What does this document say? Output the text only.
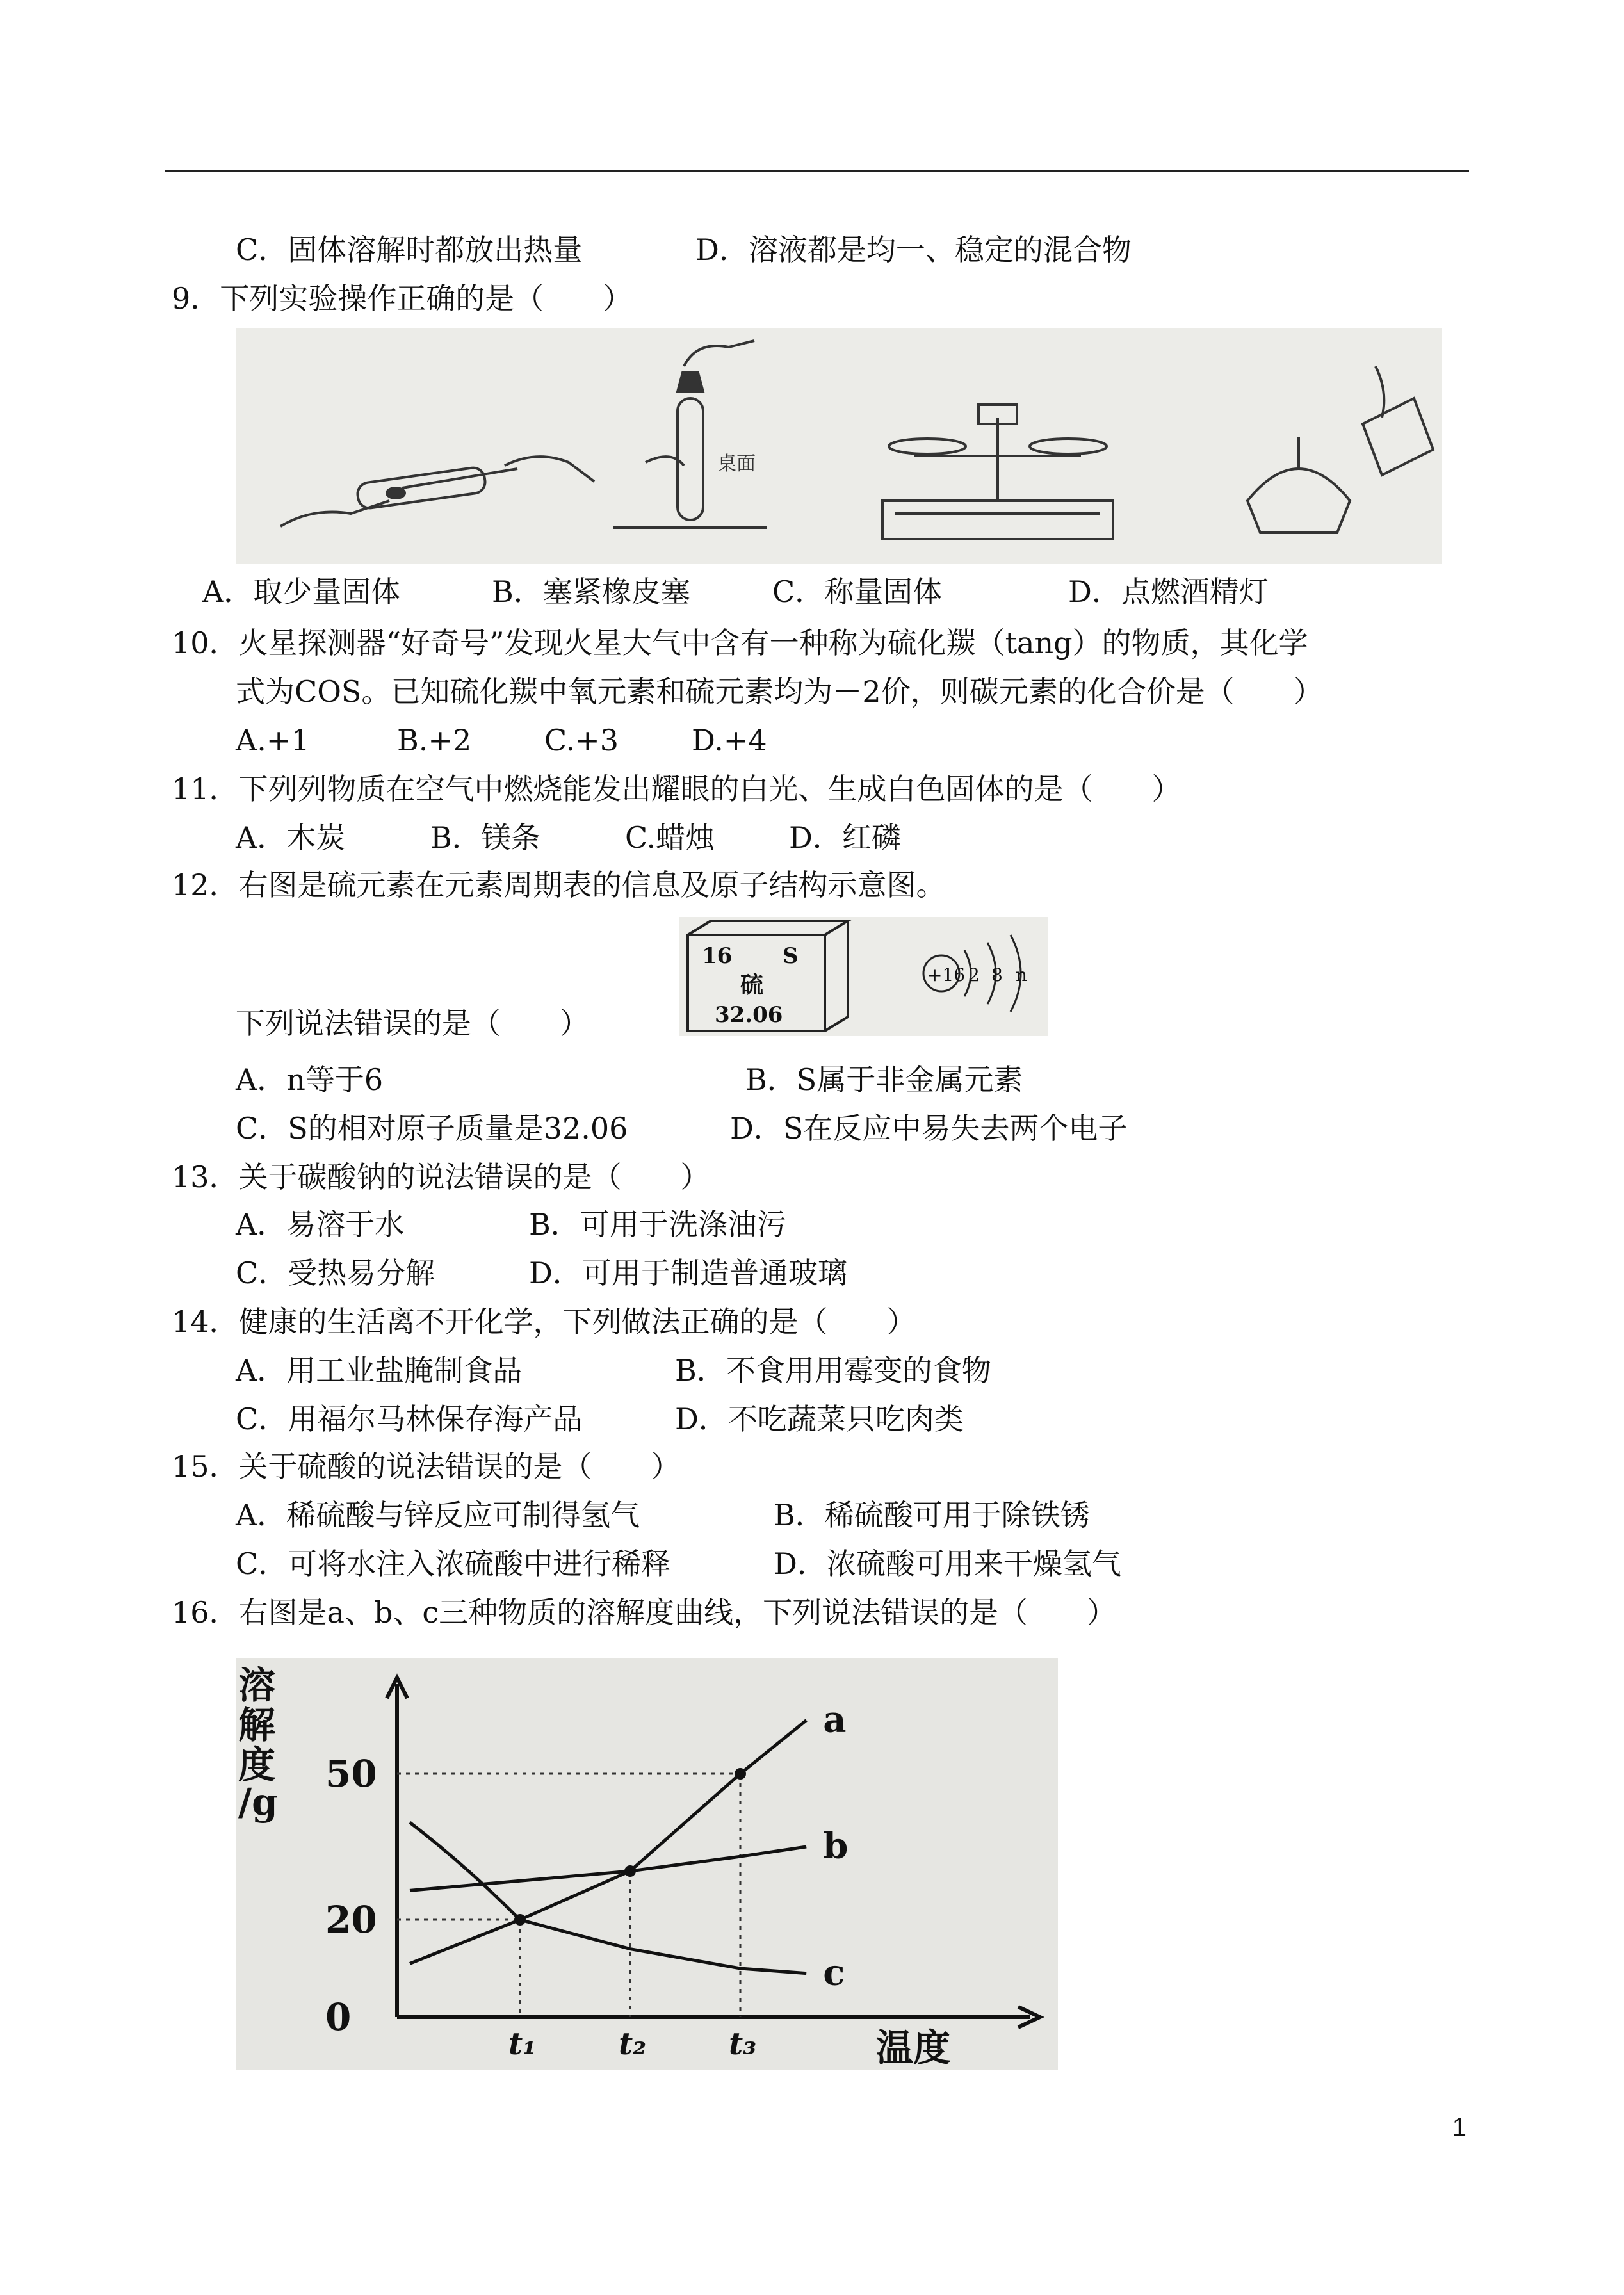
C．固体溶解时都放出热量	D．溶液都是均一、稳定的混合物
9．下列实验操作正确的是（　　）
桌面
A．取少量固体	B．塞紧橡皮塞	C．称量固体	D．点燃酒精灯
10．火星探测器“好奇号”发现火星大气中含有一种称为硫化羰（tang）的物质，其化学
式为COS。已知硫化羰中氧元素和硫元素均为－2价，则碳元素的化合价是（　　）
A.+1	B.+2 C.+3 D.+4
11．下列列物质在空气中燃烧能发出耀眼的白光、生成白色固体的是（　　）
A．木炭	B．镁条	C.蜡烛	D．红磷
12．右图是硫元素在元素周期表的信息及原子结构示意图。
16 S
硫
32.06
+16 2 8 n
下列说法错误的是（　　）
A．n等于6	B．S属于非金属元素
C．S的相对原子质量是32.06	D．S在反应中易失去两个电子
13．关于碳酸钠的说法错误的是（　　）
A．易溶于水	B．可用于洗涤油污
C．受热易分解	D．可用于制造普通玻璃
14．健康的生活离不开化学，下列做法正确的是（　　）
A．用工业盐腌制食品	B．不食用用霉变的食物
C．用福尔马林保存海产品	D．不吃蔬菜只吃肉类
15．关于硫酸的说法错误的是（　　）
A．稀硫酸与锌反应可制得氢气	B．稀硫酸可用于除铁锈
C．可将水注入浓硫酸中进行稀释	D．浓硫酸可用来干燥氢气
16．右图是a、b、c三种物质的溶解度曲线，下列说法错误的是（　　）
溶
解
度
/g
温度
0
20
50
t₁	t₂	t₃
a
b
c
1
